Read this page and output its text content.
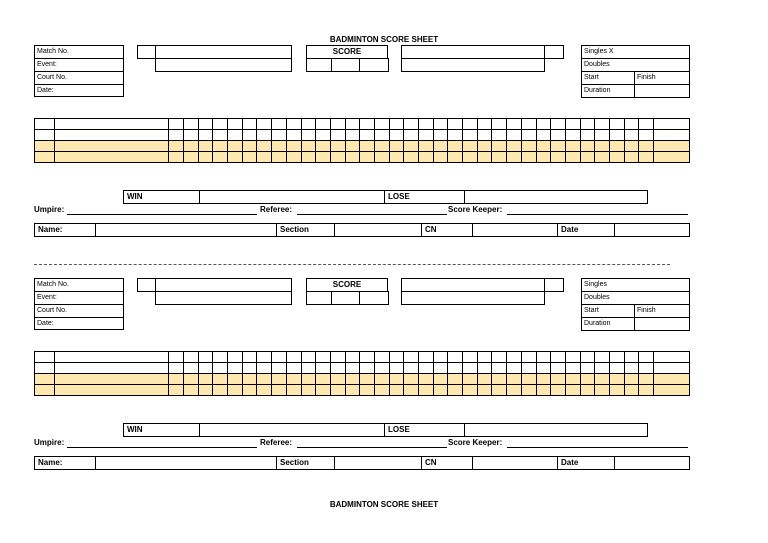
BADMINTON SCORE SHEET
BADMINTON SCORE SHEET
Match No.
Event:
Court No.
Date:
SCORE	Singles X
Doubles
Start	Finish
Duration

WIN	LOSE
Umpire:	Referee:	Score Keeper:
Name:	Section	CN	Date
Match No.
Event:
Court No.
Date:
SCORE	Singles
Doubles
Start	Finish
Duration

WIN	LOSE
Umpire:	Referee:	Score Keeper:
Name:	Section	CN	Date
